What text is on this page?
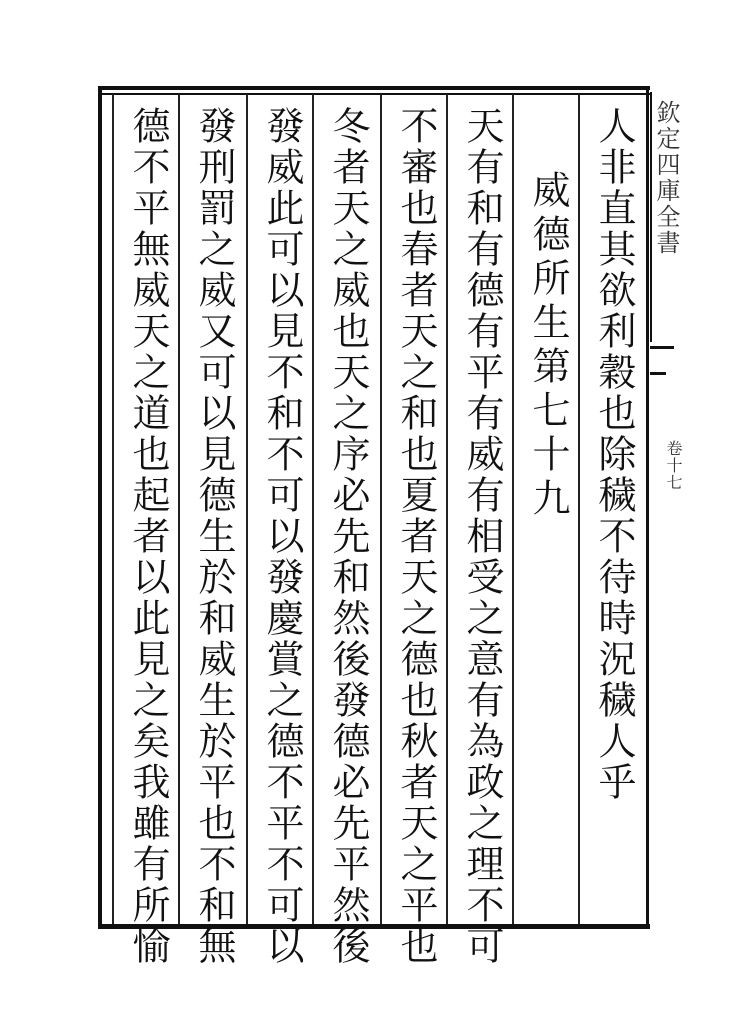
人非直其欲利穀也除穢不待時況穢人乎
威德所生第七十九
天有和有德有平有威有相受之意有為政之理不可
不審也春者天之和也夏者天之德也秋者天之平也
冬者天之威也天之序必先和然後發德必先平然後
發威此可以見不和不可以發慶賞之德不平不可以
發刑罰之威又可以見德生於和威生於平也不和無
德不平無威天之道也起者以此見之矣我雖有所愉	欽定四庫全書
卷十七
